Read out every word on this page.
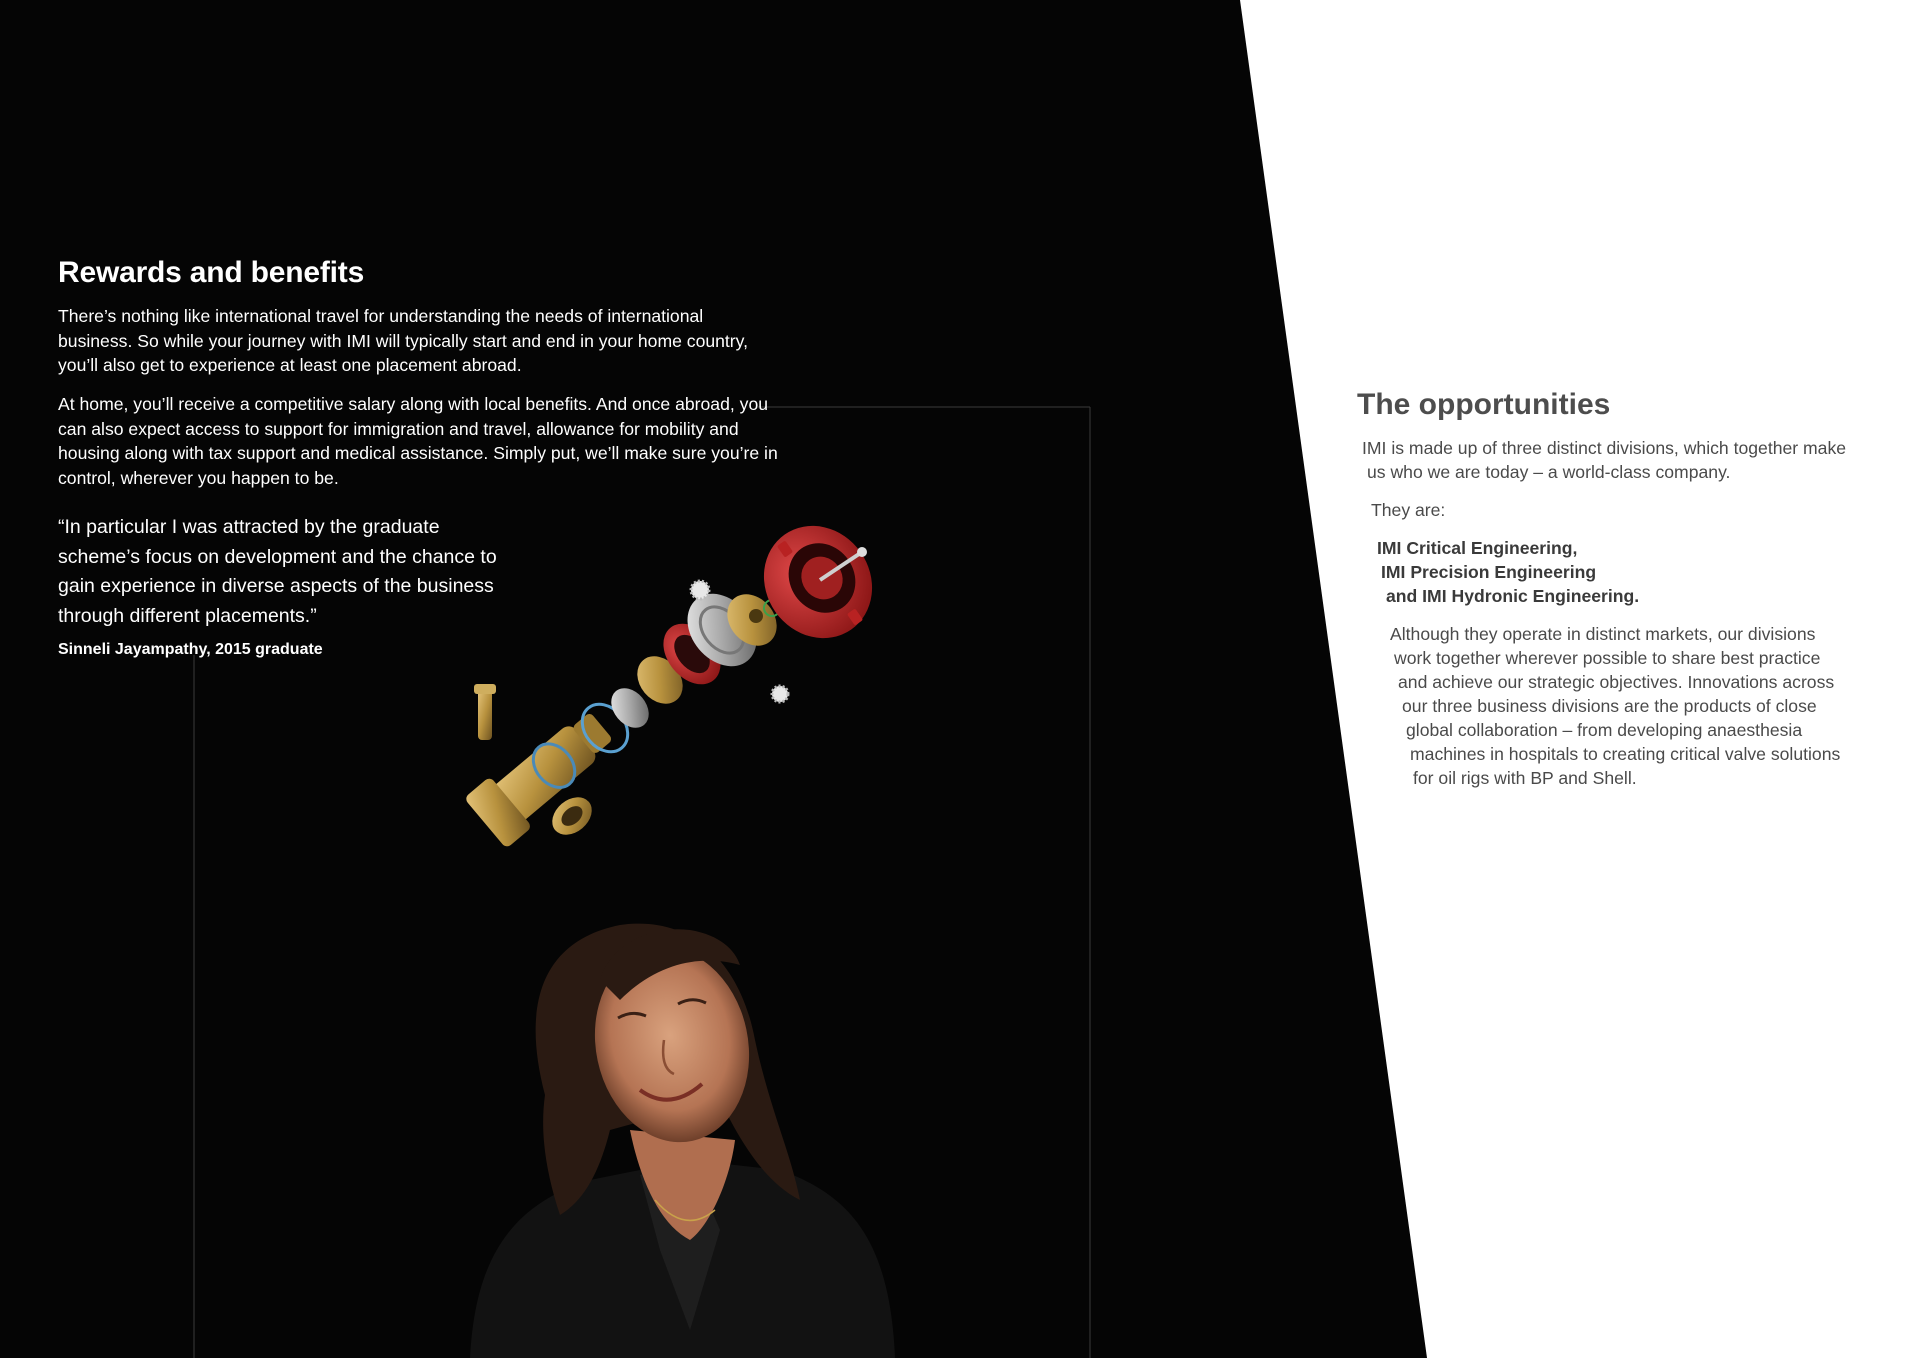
Rewards and benefits

There’s nothing like international travel for understanding the needs of international business. So while your journey with IMI will typically start and end in your home country, you’ll also get to experience at least one placement abroad.

At home, you’ll receive a competitive salary along with local benefits. And once abroad, you can also expect access to support for immigration and travel, allowance for mobility and housing along with tax support and medical assistance. Simply put, we’ll make sure you’re in control, wherever you happen to be.

“In particular I was attracted by the graduate scheme’s focus on development and the chance to gain experience in diverse aspects of the business through different placements.”

Sinneli Jayampathy, 2015 graduate

The opportunities

IMI is made up of three distinct divisions, which together make

us who we are today – a world-class company.

They are:

IMI Critical Engineering,

IMI Precision Engineering

and IMI Hydronic Engineering.

Although they operate in distinct markets, our divisions

work together wherever possible to share best practice

and achieve our strategic objectives. Innovations across

our three business divisions are the products of close

global collaboration – from developing anaesthesia

machines in hospitals to creating critical valve solutions

for oil rigs with BP and Shell.
